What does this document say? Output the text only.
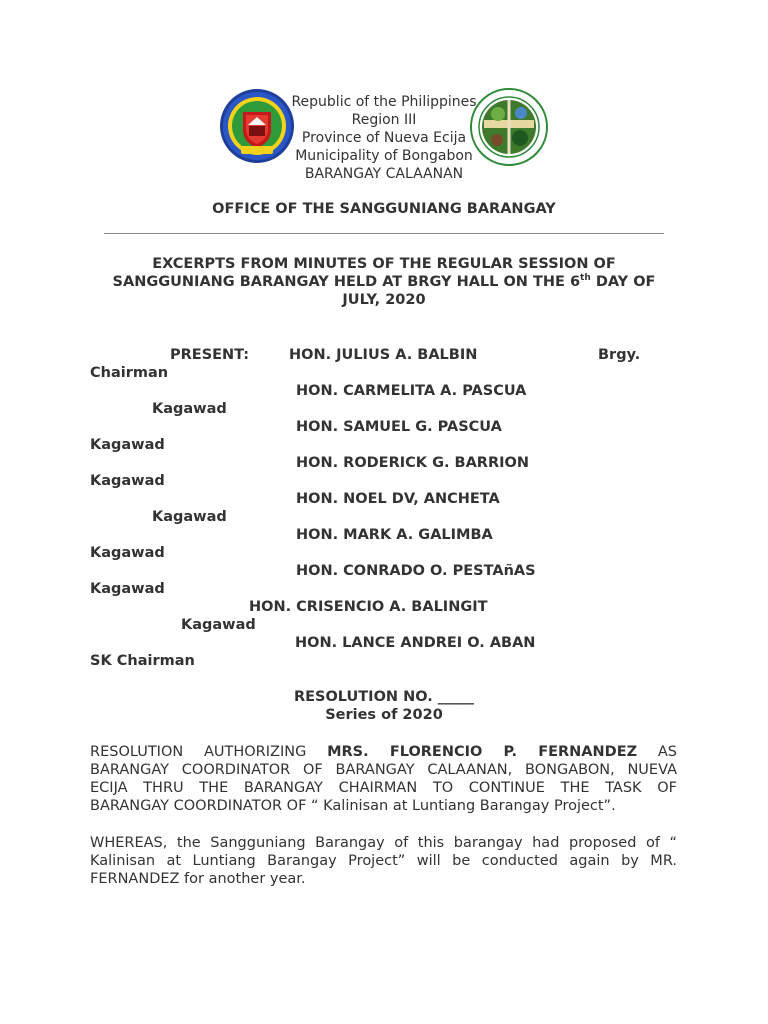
Republic of the Philippines
Region III
Province of Nueva Ecija
Municipality of Bongabon
BARANGAY CALAANAN
OFFICE OF THE SANGGUNIANG BARANGAY
EXCERPTS FROM MINUTES OF THE REGULAR SESSION OF
SANGGUNIANG BARANGAY HELD AT BRGY HALL ON THE 6th DAY OF
JULY, 2020
PRESENT:	HON. JULIUS A. BALBIN	Brgy.
Chairman
HON. CARMELITA A. PASCUA
Kagawad
HON. SAMUEL G. PASCUA
Kagawad
HON. RODERICK G. BARRION
Kagawad
HON. NOEL DV, ANCHETA
Kagawad
HON. MARK A. GALIMBA
Kagawad
HON. CONRADO O. PESTAñAS
Kagawad
HON. CRISENCIO A. BALINGIT
Kagawad
HON. LANCE ANDREI O. ABAN
SK Chairman
RESOLUTION NO. _____
Series of 2020
RESOLUTION AUTHORIZING MRS. FLORENCIO P. FERNANDEZ AS
BARANGAY COORDINATOR OF BARANGAY CALAANAN, BONGABON, NUEVA
ECIJA THRU THE BARANGAY CHAIRMAN TO CONTINUE THE TASK OF
BARANGAY COORDINATOR OF “ Kalinisan at Luntiang Barangay Project”.
WHEREAS, the Sangguniang Barangay of this barangay had proposed of “
Kalinisan at Luntiang Barangay Project” will be conducted again by MR.
FERNANDEZ for another year.
